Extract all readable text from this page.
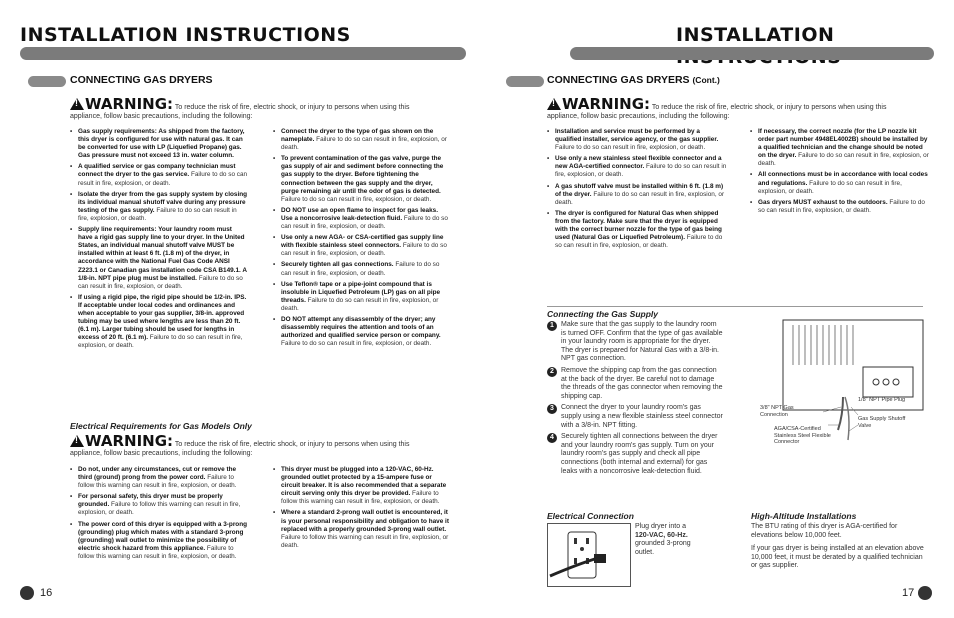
INSTALLATION INSTRUCTIONS
CONNECTING GAS DRYERS
!WARNING: To reduce the risk of fire, electric shock, or injury to persons when using this
appliance, follow basic precautions, including the following:
• Gas supply requirements: As shipped from the factory, this dryer is configured for use with natural gas. It can be converted for use with LP (Liquefied Propane) gas. Gas pressure must not exceed 13 in. water column.
• A qualified service or gas company technician must connect the dryer to the gas service. Failure to do so can result in fire, explosion, or death.
• Isolate the dryer from the gas supply system by closing its individual manual shutoff valve during any pressure testing of the gas supply. Failure to do so can result in fire, explosion, or death.
• Supply line requirements: Your laundry room must have a rigid gas supply line to your dryer. In the United States, an individual manual shutoff valve MUST be installed within at least 6 ft. (1.8 m) of the dryer, in accordance with the National Fuel Gas Code ANSI Z223.1 or Canadian gas installation code CSA B149.1. A 1/8-in. NPT pipe plug must be installed. Failure to do so can result in fire, explosion, or death.
• If using a rigid pipe, the rigid pipe should be 1/2-in. IPS. If acceptable under local codes and ordinances and when acceptable to your gas supplier, 3/8-in. approved tubing may be used where lengths are less than 20 ft. (6.1 m). Larger tubing should be used for lengths in excess of 20 ft. (6.1 m). Failure to do so can result in fire, explosion, or death.
• Connect the dryer to the type of gas shown on the nameplate. Failure to do so can result in fire, explosion, or death.
• To prevent contamination of the gas valve, purge the gas supply of air and sediment before connecting the gas supply to the dryer. Before tightening the connection between the gas supply and the dryer, purge remaining air until the odor of gas is detected. Failure to do so can result in fire, explosion, or death.
• DO NOT use an open flame to inspect for gas leaks. Use a noncorrosive leak-detection fluid. Failure to do so can result in fire, explosion, or death.
• Use only a new AGA- or CSA-certified gas supply line with flexible stainless steel connectors. Failure to do so can result in fire, explosion, or death.
• Securely tighten all gas connections. Failure to do so can result in fire, explosion, or death.
• Use Teflon® tape or a pipe-joint compound that is insoluble in Liquefied Petroleum (LP) gas on all pipe threads. Failure to do so can result in fire, explosion, or death.
• DO NOT attempt any disassembly of the dryer; any disassembly requires the attention and tools of an authorized and qualified service person or company. Failure to do so can result in fire, explosion, or death.
Electrical Requirements for Gas Models Only
!WARNING: To reduce the risk of fire, electric shock, or injury to persons when using this
appliance, follow basic precautions, including the following:
• Do not, under any circumstances, cut or remove the third (ground) prong from the power cord. Failure to follow this warning can result in fire, explosion, or death.
• For personal safety, this dryer must be properly grounded. Failure to follow this warning can result in fire, explosion, or death.
• The power cord of this dryer is equipped with a 3-prong (grounding) plug which mates with a standard 3-prong (grounding) wall outlet to minimize the possibility of electric shock hazard from this appliance. Failure to follow this warning can result in fire, explosion, or death.
• This dryer must be plugged into a 120-VAC, 60-Hz. grounded outlet protected by a 15-ampere fuse or circuit breaker. It is also recommended that a separate circuit serving only this dryer be provided. Failure to follow this warning can result in fire, explosion, or death.
• Where a standard 2-prong wall outlet is encountered, it is your personal responsibility and obligation to have it replaced with a properly grounded 3-prong wall outlet. Failure to follow this warning can result in fire, explosion, or death.
16
INSTALLATION
CONNECTING GAS DRYERS (Cont.)
!WARNING: To reduce the risk of fire, electric shock, or injury to persons when using this
appliance, follow basic precautions, including the following:
• Installation and service must be performed by a qualified installer, service agency, or the gas supplier. Failure to do so can result in fire, explosion, or death.
• Use only a new stainless steel flexible connector and a new AGA-certified connector. Failure to do so can result in fire, explosion, or death.
• A gas shutoff valve must be installed within 6 ft. (1.8 m) of the dryer. Failure to do so can result in fire, explosion, or death.
• The dryer is configured for Natural Gas when shipped from the factory. Make sure that the dryer is equipped with the correct burner nozzle for the type of gas being used (Natural Gas or Liquefied Petroleum). Failure to do so can result in fire, explosion, or death.
• If necessary, the correct nozzle (for the LP nozzle kit order part number 4948EL4002B) should be installed by a qualified technician and the change should be noted on the dryer. Failure to do so can result in fire, explosion, or death.
• All connections must be in accordance with local codes and regulations. Failure to do so can result in fire, explosion, or death.
• Gas dryers MUST exhaust to the outdoors. Failure to do so can result in fire, explosion, or death.
Connecting the Gas Supply
1	Make sure that the gas supply to the laundry room is turned OFF. Confirm that the type of gas available in your laundry room is appropriate for the dryer. The dryer is prepared for Natural Gas with a 3/8-in. NPT gas connection.
2	Remove the shipping cap from the gas connection at the back of the dryer. Be careful not to damage the threads of the gas connector when removing the shipping cap.
3	Connect the dryer to your laundry room's gas supply using a new flexible stainless steel connector with a 3/8-in. NPT fitting.
4	Securely tighten all connections between the dryer and your laundry room's gas supply. Turn on your laundry room's gas supply and check all pipe connections (both internal and external) for gas leaks with a noncorrosive leak-detection fluid.
3/8" NPT Gas Connection
1/8" NPT Pipe Plug
AGA/CSA-Certified Stainless Steel Flexible Connector
Gas Supply Shutoff Valve
Electrical Connection
Plug dryer into a
120-VAC, 60-Hz.
grounded 3-prong outlet.
High-Altitude Installations
The BTU rating of this dryer is AGA-certified for elevations below 10,000 feet.
If your gas dryer is being installed at an elevation above 10,000 feet, it must be derated by a qualified technician or gas supplier.
17
